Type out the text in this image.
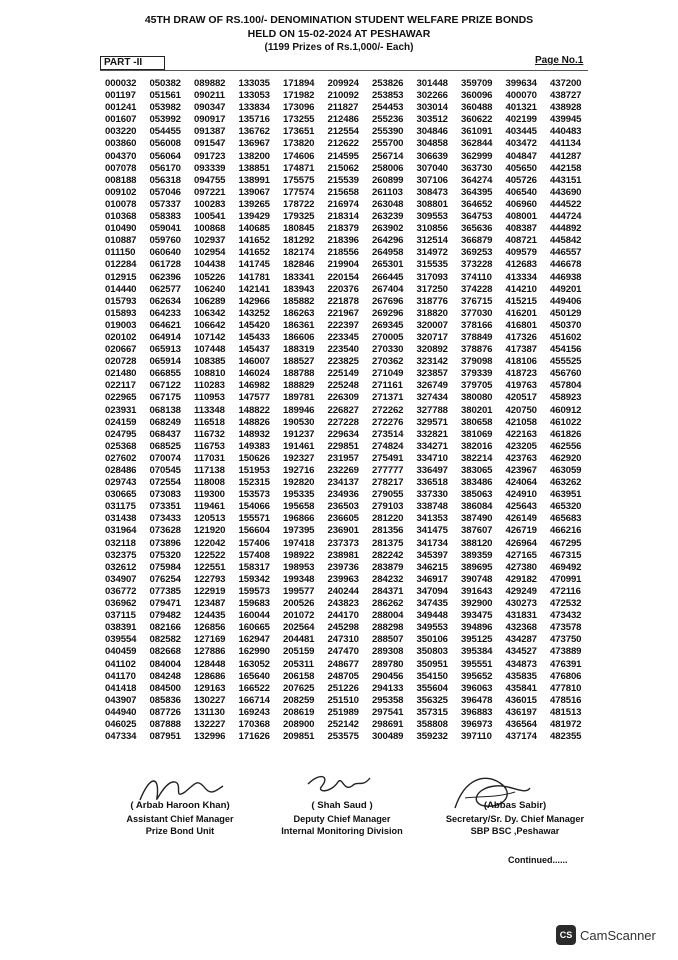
45TH DRAW OF RS.100/- DENOMINATION STUDENT WELFARE PRIZE BONDS
HELD ON 15-02-2024 AT PESHAWAR
(1199 Prizes of Rs.1,000/- Each)
PART -II	Page No.1
000032	050382	089882	133035	171894	209924	253826	301448	359709	399634	437200
001197	051561	090211	133053	171982	210092	253853	302266	360096	400070	438727
001241	053982	090347	133834	173096	211827	254453	303014	360488	401321	438928
001607	053992	090917	135716	173255	212486	255236	303512	360622	402199	439945
003220	054455	091387	136762	173651	212554	255390	304846	361091	403445	440483
003860	056008	091547	136967	173820	212622	255700	304858	362844	403472	441134
004370	056064	091723	138200	174606	214595	256714	306639	362999	404847	441287
007078	056170	093339	138851	174871	215062	258006	307040	363730	405650	442158
008188	056318	094755	138991	175575	215539	260899	307106	364274	405726	443151
009102	057046	097221	139067	177574	215658	261103	308473	364395	406540	443690
010078	057337	100283	139265	178722	216974	263048	308801	364652	406960	444522
010368	058383	100541	139429	179325	218314	263239	309553	364753	408001	444724
010490	059041	100868	140685	180845	218379	263902	310856	365636	408387	444892
010887	059760	102937	141652	181292	218396	264296	312514	366879	408721	445842
011150	060640	102954	141652	182174	218556	264958	314972	369253	409579	446557
012284	061728	104438	141745	182846	219904	265301	315535	373228	412683	446678
012915	062396	105226	141781	183341	220154	266445	317093	374110	413334	446938
014440	062577	106240	142141	183943	220376	267404	317250	374228	414210	449201
015793	062634	106289	142966	185882	221878	267696	318776	376715	415215	449406
015893	064233	106342	143252	186263	221967	269296	318820	377030	416201	450129
019003	064621	106642	145420	186361	222397	269345	320007	378166	416801	450370
020102	064914	107142	145433	186606	223345	270005	320717	378849	417326	451602
020667	065913	107448	145437	188319	223540	270330	320892	378876	417387	454156
020728	065914	108385	146007	188527	223825	270362	323142	379098	418106	455525
021480	066855	108810	146024	188788	225149	271049	323857	379339	418723	456760
022117	067122	110283	146982	188829	225248	271161	326749	379705	419763	457804
022965	067175	110953	147577	189781	226309	271371	327434	380080	420517	458923
023931	068138	113348	148822	189946	226827	272262	327788	380201	420750	460912
024159	068249	116518	148826	190530	227228	272276	329571	380658	421058	461022
024795	068437	116732	148932	191237	229634	273514	332821	381069	422163	461826
025368	068525	116753	149383	191461	229851	274824	334271	382016	423205	462556
027602	070074	117031	150626	192327	231957	275491	334710	382214	423763	462920
028486	070545	117138	151953	192716	232269	277777	336497	383065	423967	463059
029743	072554	118008	152315	192820	234137	278217	336518	383486	424064	463262
030665	073083	119300	153573	195335	234936	279055	337330	385063	424910	463951
031175	073351	119461	154066	195658	236503	279103	338748	386084	425643	465320
031438	073433	120513	155571	196866	236605	281220	341353	387490	426149	465683
031964	073628	121920	156604	197395	236901	281356	341475	387607	426719	466216
032118	073896	122042	157406	197418	237373	281375	341734	388120	426964	467295
032375	075320	122522	157408	198922	238981	282242	345397	389359	427165	467315
032612	075984	122551	158317	198953	239736	283879	346215	389695	427380	469492
034907	076254	122793	159342	199348	239963	284232	346917	390748	429182	470991
036772	077385	122919	159573	199577	240244	284371	347094	391643	429249	472116
036962	079471	123487	159683	200526	243823	286262	347435	392900	430273	472532
037115	079482	124435	160044	201072	244170	288004	349448	393475	431831	473432
038391	082166	126856	160665	202564	245298	288298	349553	394896	432368	473578
039554	082582	127169	162947	204481	247310	288507	350106	395125	434287	473750
040459	082668	127886	162990	205159	247470	289308	350803	395384	434527	473889
041102	084004	128448	163052	205311	248677	289780	350951	395551	434873	476391
041170	084248	128686	165640	206158	248705	290456	354150	395652	435835	476806
041418	084500	129163	166522	207625	251226	294133	355604	396063	435841	477810
043907	085836	130227	166714	208259	251510	295358	356325	396478	436015	478516
044940	087726	131130	169243	208619	251989	297541	357315	396883	436197	481513
046025	087888	132227	170368	208900	252142	298691	358808	396973	436564	481972
047334	087951	132996	171626	209851	253575	300489	359232	397110	437174	482355
( Arbab Haroon Khan)
Assistant Chief Manager
Prize Bond Unit
( Shah Saud )
Deputy Chief Manager
Internal Monitoring Division
(Abbas Sabir)
Secretary/Sr. Dy. Chief Manager
SBP BSC ,Peshawar
Continued......
CS CamScanner
